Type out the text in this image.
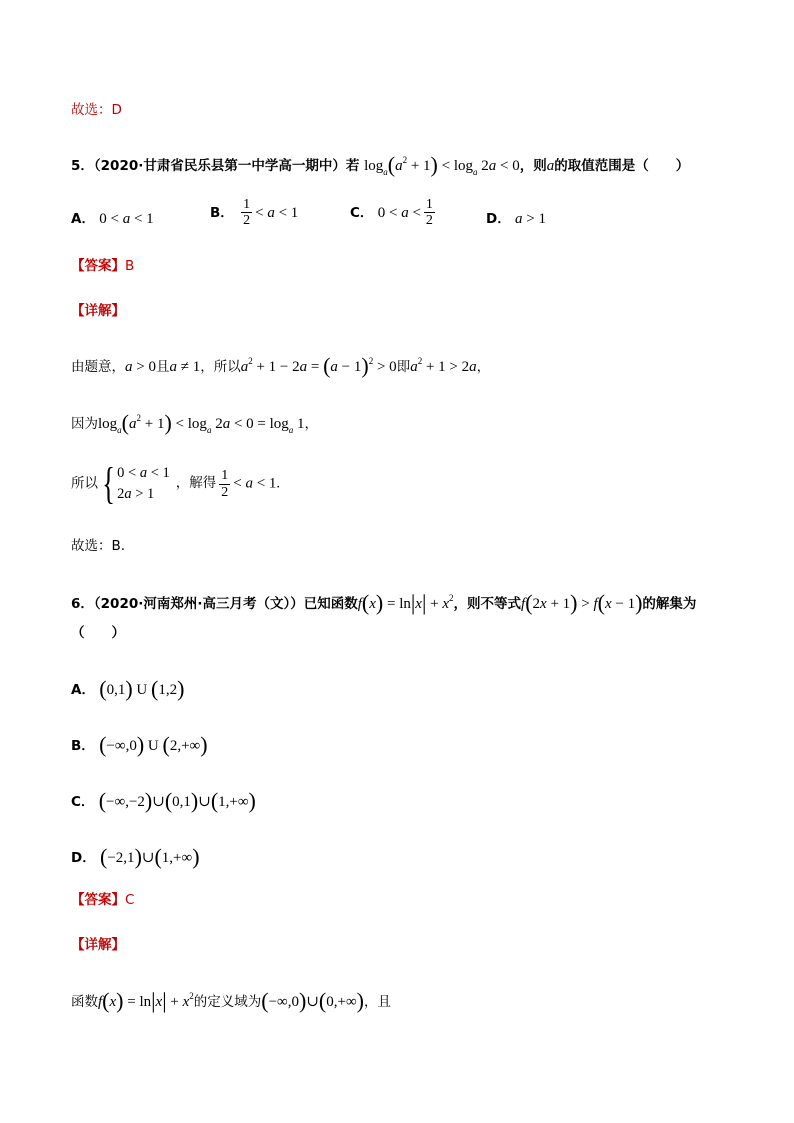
故选：D
5．（2020·甘肃省民乐县第一中学高一期中）若 $\log_a(a^2 + 1) < \log_a 2a < 0$，则a的取值范围是（　　）
A． 0 < a < 1	B． $\frac{1}{2} < a < 1$	C． $0 < a < \frac{1}{2}$	D． a > 1
【答案】B
【详解】
由题意，a > 0且a ≠ 1，所以$a^2 + 1 - 2a = (a - 1)^2 > 0$即$a^2 + 1 > 2a$，
因为$\log_a(a^2 + 1) < \log_a 2a < 0 = \log_a 1$，
所以 { 0 < a < 1
2a > 1
，解得 $\frac{1}{2} < a < 1$.
故选：B.
6．（2020·河南郑州·高三月考（文））已知函数$f(x) = \ln|x| + x^2$，则不等式f(2x + 1) > f(x − 1)的解集为
（　　）
A． (0,1) U (1,2)
B． (−∞,0) U (2,+∞)
C． (−∞,−2)∪(0,1)∪(1,+∞)
D． (−2,1)∪(1,+∞)
【答案】C
【详解】
函数$f(x) = \ln|x| + x^2$的定义域为(−∞,0)∪(0,+∞)，且
